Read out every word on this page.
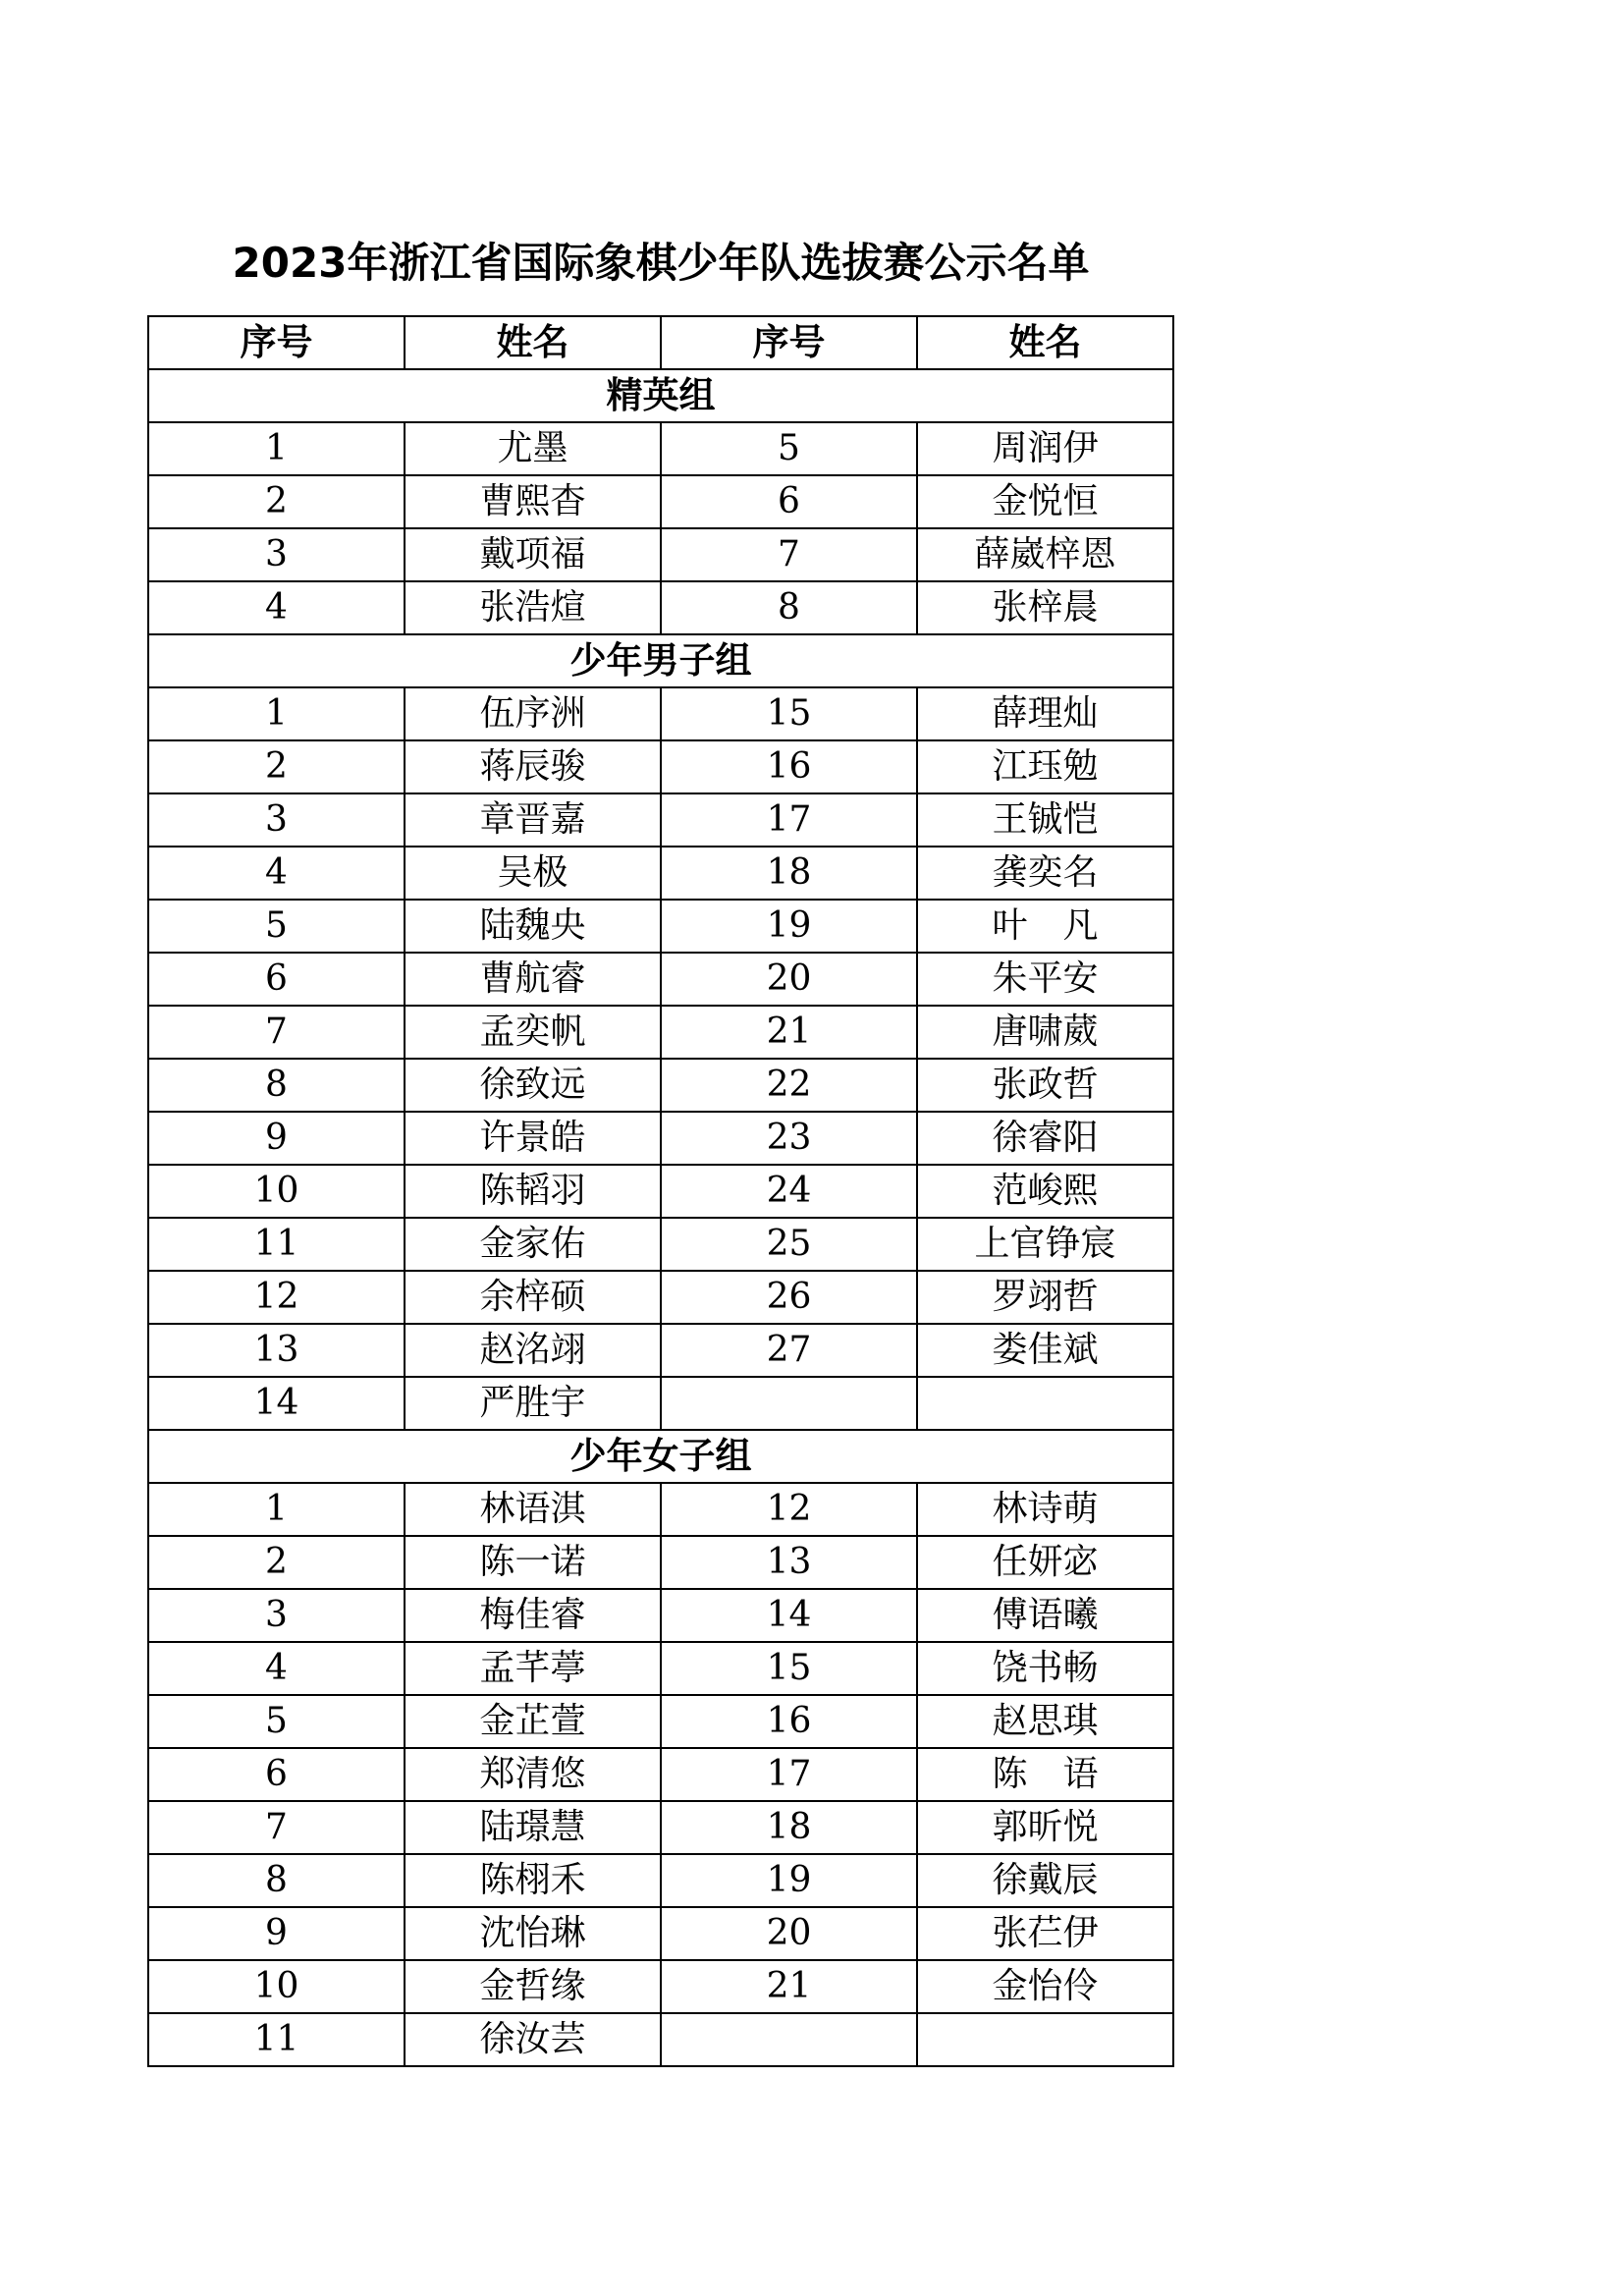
2023年浙江省国际象棋少年队选拔赛公示名单
序号	姓名	序号	姓名
精英组			
1	尤墨	5	周润伊
2	曹熙杳	6	金悦恒
3	戴项福	7	薛崴梓恩
4	张浩煊	8	张梓晨
少年男子组			
1	伍序洲	15	薛理灿
2	蒋辰骏	16	江珏勉
3	章晋嘉	17	王铖恺
4	吴极	18	龚奕名
5	陆魏央	19	叶　凡
6	曹航睿	20	朱平安
7	孟奕帆	21	唐啸葳
8	徐致远	22	张政哲
9	许景皓	23	徐睿阳
10	陈韬羽	24	范峻熙
11	金家佑	25	上官铮宸
12	余梓硕	26	罗翊哲
13	赵洺翊	27	娄佳斌
14	严胜宇		
少年女子组			
1	林语淇	12	林诗萌
2	陈一诺	13	任妍宓
3	梅佳睿	14	傅语曦
4	孟芊葶	15	饶书畅
5	金芷萱	16	赵思琪
6	郑清悠	17	陈　语
7	陆璟慧	18	郭昕悦
8	陈栩禾	19	徐戴辰
9	沈怡琳	20	张芢伊
10	金哲缘	21	金怡伶
11	徐汝芸		
